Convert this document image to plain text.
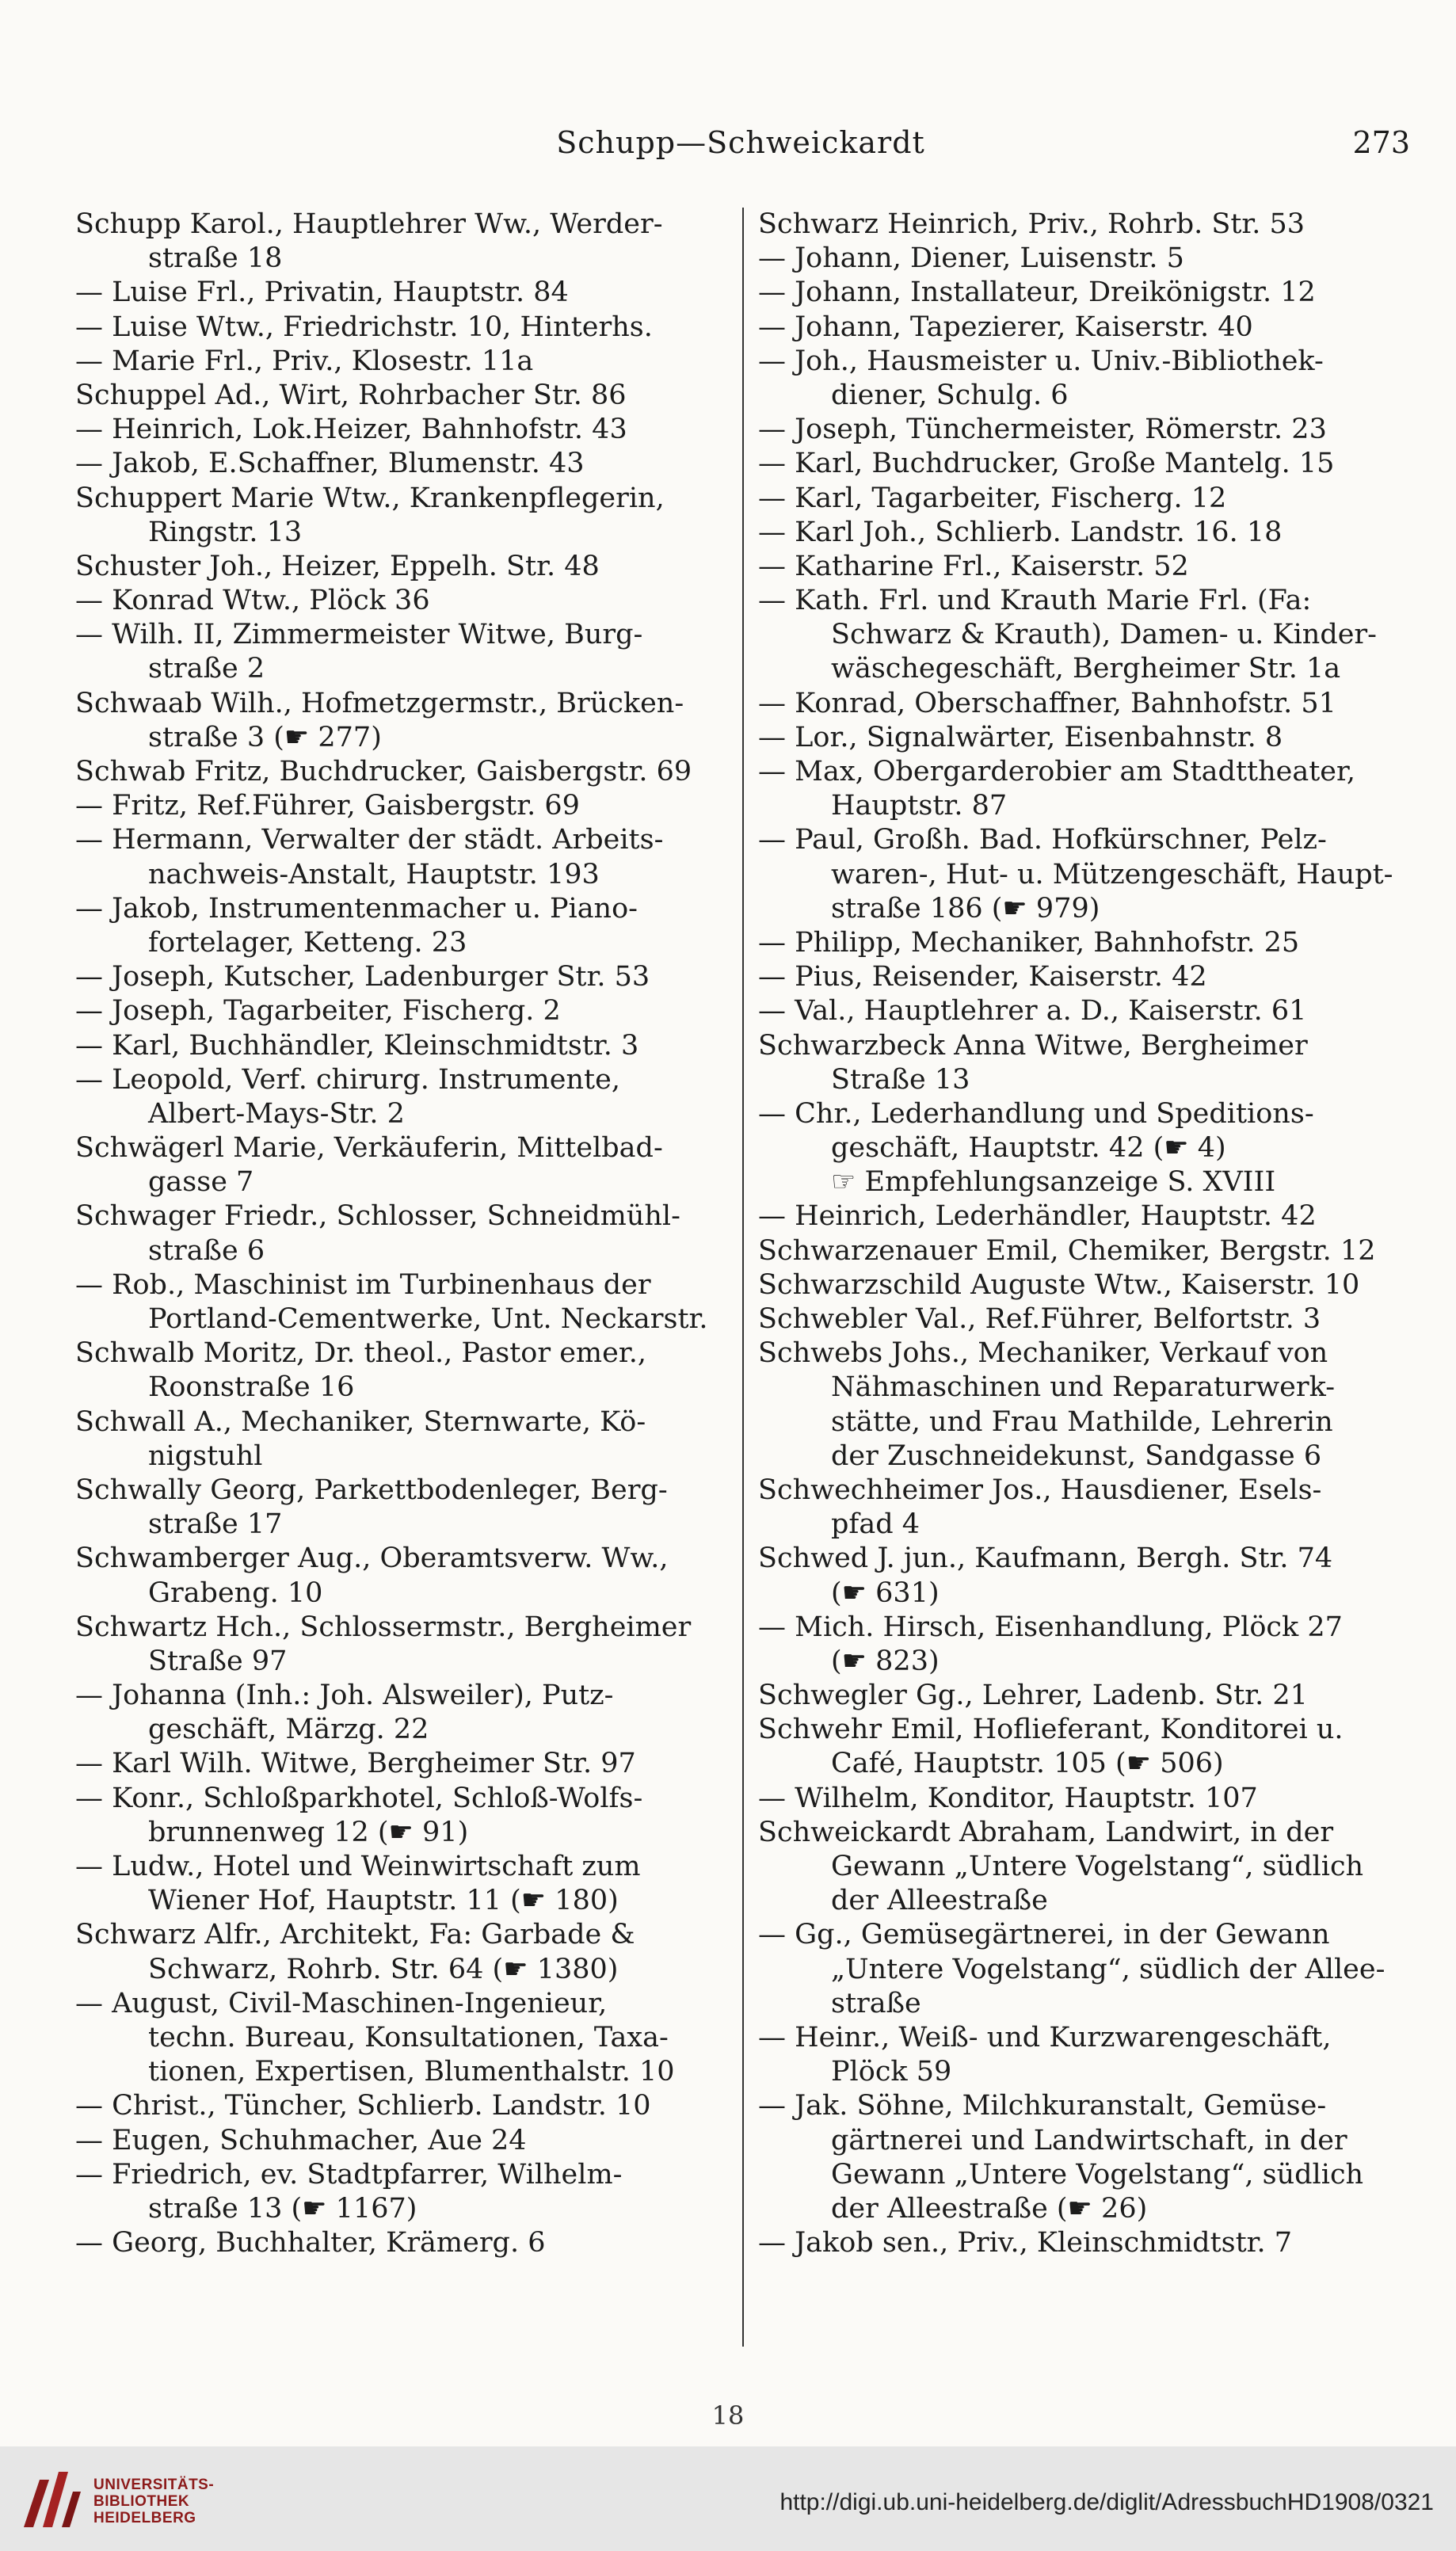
Schupp—Schweickardt	273
Schupp Karol., Hauptlehrer Ww., Werder-
straße 18
— Luise Frl., Privatin, Hauptstr. 84
— Luise Wtw., Friedrichstr. 10, Hinterhs.
— Marie Frl., Priv., Klosestr. 11a
Schuppel Ad., Wirt, Rohrbacher Str. 86
— Heinrich, Lok.Heizer, Bahnhofstr. 43
— Jakob, E.Schaffner, Blumenstr. 43
Schuppert Marie Wtw., Krankenpflegerin,
Ringstr. 13
Schuster Joh., Heizer, Eppelh. Str. 48
— Konrad Wtw., Plöck 36
— Wilh. II, Zimmermeister Witwe, Burg-
straße 2
Schwaab Wilh., Hofmetzgermstr., Brücken-
straße 3 (☛ 277)
Schwab Fritz, Buchdrucker, Gaisbergstr. 69
— Fritz, Ref.Führer, Gaisbergstr. 69
— Hermann, Verwalter der städt. Arbeits-
nachweis-Anstalt, Hauptstr. 193
— Jakob, Instrumentenmacher u. Piano-
fortelager, Ketteng. 23
— Joseph, Kutscher, Ladenburger Str. 53
— Joseph, Tagarbeiter, Fischerg. 2
— Karl, Buchhändler, Kleinschmidtstr. 3
— Leopold, Verf. chirurg. Instrumente,
Albert-Mays-Str. 2
Schwägerl Marie, Verkäuferin, Mittelbad-
gasse 7
Schwager Friedr., Schlosser, Schneidmühl-
straße 6
— Rob., Maschinist im Turbinenhaus der
Portland-Cementwerke, Unt. Neckarstr.
Schwalb Moritz, Dr. theol., Pastor emer.,
Roonstraße 16
Schwall A., Mechaniker, Sternwarte, Kö-
nigstuhl
Schwally Georg, Parkettbodenleger, Berg-
straße 17
Schwamberger Aug., Oberamtsverw. Ww.,
Grabeng. 10
Schwartz Hch., Schlossermstr., Bergheimer
Straße 97
— Johanna (Inh.: Joh. Alsweiler), Putz-
geschäft, Märzg. 22
— Karl Wilh. Witwe, Bergheimer Str. 97
— Konr., Schloßparkhotel, Schloß-Wolfs-
brunnenweg 12 (☛ 91)
— Ludw., Hotel und Weinwirtschaft zum
Wiener Hof, Hauptstr. 11 (☛ 180)
Schwarz Alfr., Architekt, Fa: Garbade &
Schwarz, Rohrb. Str. 64 (☛ 1380)
— August, Civil-Maschinen-Ingenieur,
techn. Bureau, Konsultationen, Taxa-
tionen, Expertisen, Blumenthalstr. 10
— Christ., Tüncher, Schlierb. Landstr. 10
— Eugen, Schuhmacher, Aue 24
— Friedrich, ev. Stadtpfarrer, Wilhelm-
straße 13 (☛ 1167)
— Georg, Buchhalter, Krämerg. 6
Schwarz Heinrich, Priv., Rohrb. Str. 53
— Johann, Diener, Luisenstr. 5
— Johann, Installateur, Dreikönigstr. 12
— Johann, Tapezierer, Kaiserstr. 40
— Joh., Hausmeister u. Univ.-Bibliothek-
diener, Schulg. 6
— Joseph, Tünchermeister, Römerstr. 23
— Karl, Buchdrucker, Große Mantelg. 15
— Karl, Tagarbeiter, Fischerg. 12
— Karl Joh., Schlierb. Landstr. 16. 18
— Katharine Frl., Kaiserstr. 52
— Kath. Frl. und Krauth Marie Frl. (Fa:
Schwarz & Krauth), Damen- u. Kinder-
wäschegeschäft, Bergheimer Str. 1a
— Konrad, Oberschaffner, Bahnhofstr. 51
— Lor., Signalwärter, Eisenbahnstr. 8
— Max, Obergarderobier am Stadttheater,
Hauptstr. 87
— Paul, Großh. Bad. Hofkürschner, Pelz-
waren-, Hut- u. Mützengeschäft, Haupt-
straße 186 (☛ 979)
— Philipp, Mechaniker, Bahnhofstr. 25
— Pius, Reisender, Kaiserstr. 42
— Val., Hauptlehrer a. D., Kaiserstr. 61
Schwarzbeck Anna Witwe, Bergheimer
Straße 13
— Chr., Lederhandlung und Speditions-
geschäft, Hauptstr. 42 (☛ 4)
☞ Empfehlungsanzeige S. XVIII
— Heinrich, Lederhändler, Hauptstr. 42
Schwarzenauer Emil, Chemiker, Bergstr. 12
Schwarzschild Auguste Wtw., Kaiserstr. 10
Schwebler Val., Ref.Führer, Belfortstr. 3
Schwebs Johs., Mechaniker, Verkauf von
Nähmaschinen und Reparaturwerk-
stätte, und Frau Mathilde, Lehrerin
der Zuschneidekunst, Sandgasse 6
Schwechheimer Jos., Hausdiener, Esels-
pfad 4
Schwed J. jun., Kaufmann, Bergh. Str. 74
(☛ 631)
— Mich. Hirsch, Eisenhandlung, Plöck 27
(☛ 823)
Schwegler Gg., Lehrer, Ladenb. Str. 21
Schwehr Emil, Hoflieferant, Konditorei u.
Café, Hauptstr. 105 (☛ 506)
— Wilhelm, Konditor, Hauptstr. 107
Schweickardt Abraham, Landwirt, in der
Gewann „Untere Vogelstang“, südlich
der Alleestraße
— Gg., Gemüsegärtnerei, in der Gewann
„Untere Vogelstang“, südlich der Allee-
straße
— Heinr., Weiß- und Kurzwarengeschäft,
Plöck 59
— Jak. Söhne, Milchkuranstalt, Gemüse-
gärtnerei und Landwirtschaft, in der
Gewann „Untere Vogelstang“, südlich
der Alleestraße (☛ 26)
— Jakob sen., Priv., Kleinschmidtstr. 7
18
UNIVERSITÄTS-
BIBLIOTHEK
HEIDELBERG
http://digi.ub.uni-heidelberg.de/diglit/AdressbuchHD1908/0321
